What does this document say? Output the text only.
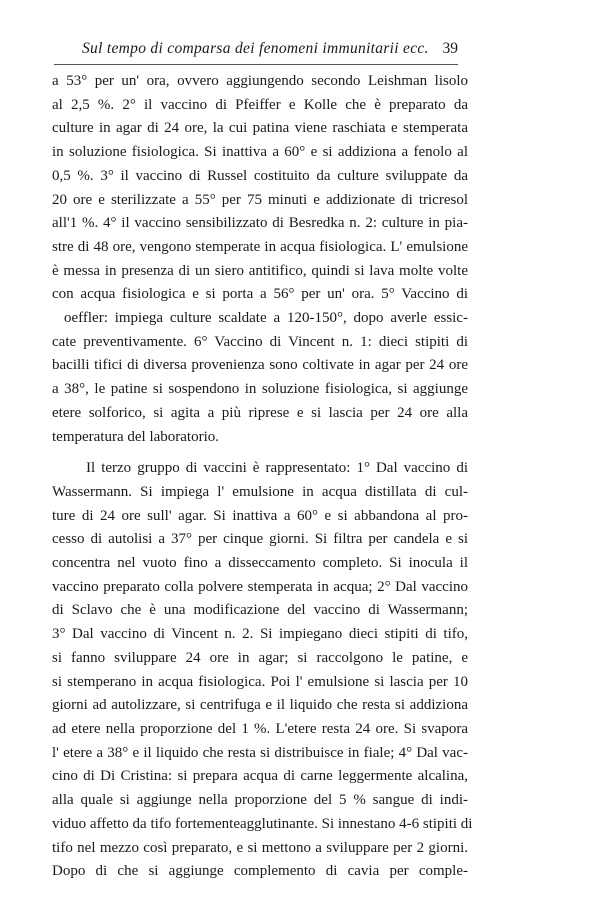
Sul tempo di comparsa dei fenomeni immunitarii ecc. 39
a 53° per un' ora, ovvero aggiungendo secondo Leishman lisolo
al 2,5 %. 2° il vaccino di Pfeiffer e Kolle che è preparato da
culture in agar di 24 ore, la cui patina viene raschiata e stemperata
in soluzione fisiologica. Si inattiva a 60° e si addiziona a fenolo al
0,5 %. 3° il vaccino di Russel costituito da culture sviluppate da
20 ore e sterilizzate a 55° per 75 minuti e addizionate di tricresol
all'1 %. 4° il vaccino sensibilizzato di Besredka n. 2: culture in pia-
stre di 48 ore, vengono stemperate in acqua fisiologica. L' emulsione
è messa in presenza di un siero antitifico, quindi si lava molte volte
con acqua fisiologica e si porta a 56° per un' ora. 5° Vaccino di
oeffler: impiega culture scaldate a 120-150°, dopo averle essic-
cate preventivamente. 6° Vaccino di Vincent n. 1: dieci stipiti di
bacilli tifici di diversa provenienza sono coltivate in agar per 24 ore
a 38°, le patine si sospendono in soluzione fisiologica, si aggiunge
etere solforico, si agita a più riprese e si lascia per 24 ore alla
temperatura del laboratorio.
Il terzo gruppo di vaccini è rappresentato: 1° Dal vaccino di
Wassermann. Si impiega l' emulsione in acqua distillata di cul-
ture di 24 ore sull' agar. Si inattiva a 60° e si abbandona al pro-
cesso di autolisi a 37° per cinque giorni. Si filtra per candela e si
concentra nel vuoto fino a disseccamento completo. Si inocula il
vaccino preparato colla polvere stemperata in acqua; 2° Dal vaccino
di Sclavo che è una modificazione del vaccino di Wassermann;
3° Dal vaccino di Vincent n. 2. Si impiegano dieci stipiti di tifo,
si fanno sviluppare 24 ore in agar; si raccolgono le patine, e
si stemperano in acqua fisiologica. Poi l' emulsione si lascia per 10
giorni ad autolizzare, si centrifuga e il liquido che resta si addiziona
ad etere nella proporzione del 1 %. L'etere resta 24 ore. Si svapora
l' etere a 38° e il liquido che resta si distribuisce in fiale; 4° Dal vac-
cino di Di Cristina: si prepara acqua di carne leggermente alcalina,
alla quale si aggiunge nella proporzione del 5 % sangue di indi-
viduo affetto da tifo fortementeagglutinante. Si innestano 4-6 stipiti di
tifo nel mezzo così preparato, e si mettono a sviluppare per 2 giorni.
Dopo di che si aggiunge complemento di cavia per comple-
